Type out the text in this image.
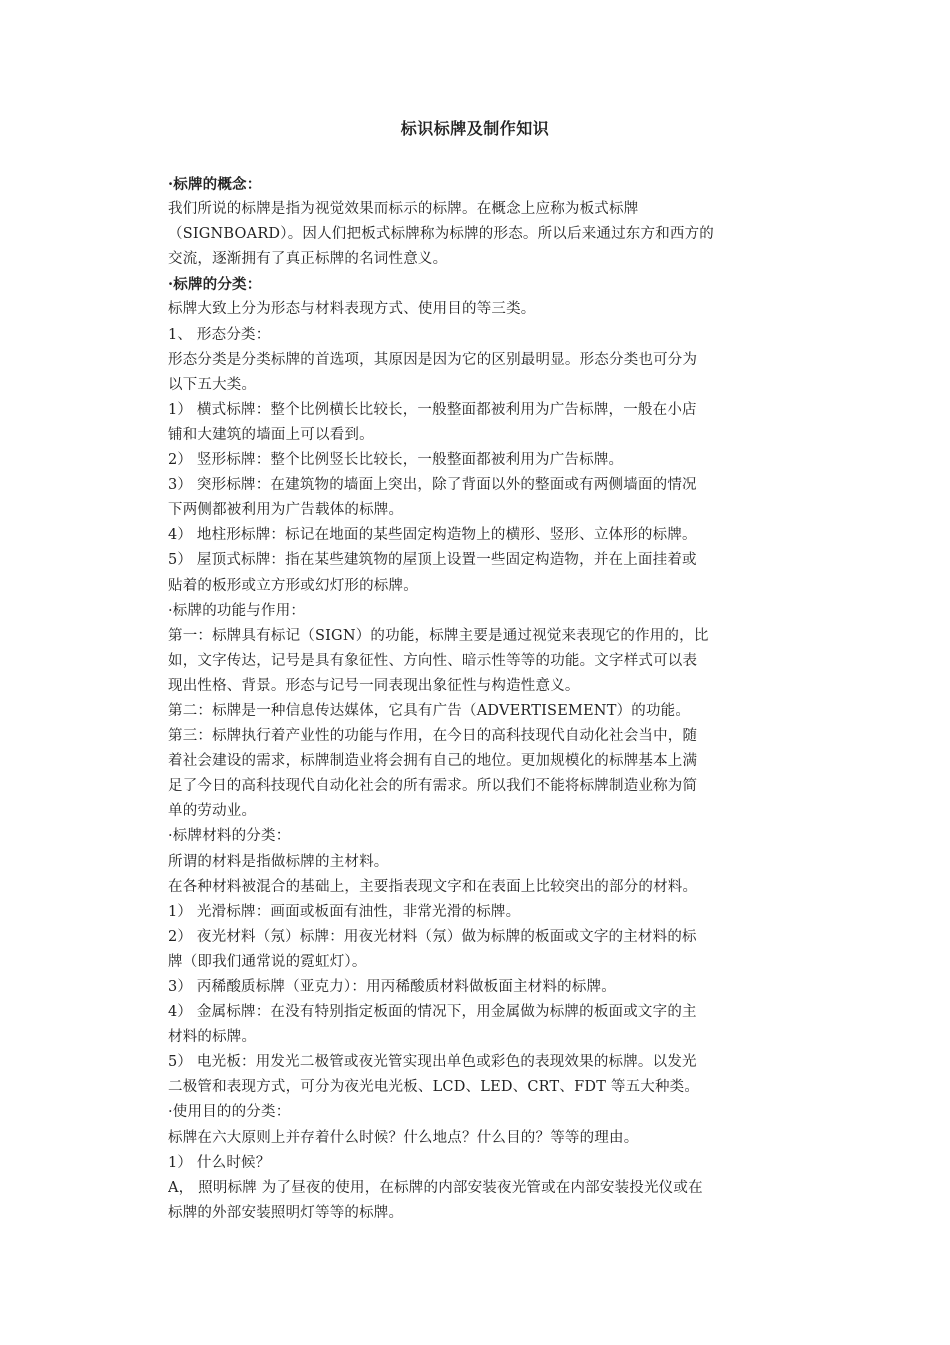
标识标牌及制作知识
·标牌的概念：
我们所说的标牌是指为视觉效果而标示的标牌。在概念上应称为板式标牌
（SIGNBOARD）。因人们把板式标牌称为标牌的形态。所以后来通过东方和西方的
交流，逐渐拥有了真正标牌的名词性意义。
·标牌的分类：
标牌大致上分为形态与材料表现方式、使用目的等三类。
1、 形态分类：
形态分类是分类标牌的首选项，其原因是因为它的区别最明显。形态分类也可分为
以下五大类。
1） 横式标牌：整个比例横长比较长，一般整面都被利用为广告标牌，一般在小店
铺和大建筑的墙面上可以看到。
2） 竖形标牌：整个比例竖长比较长，一般整面都被利用为广告标牌。
3） 突形标牌：在建筑物的墙面上突出，除了背面以外的整面或有两侧墙面的情况
下两侧都被利用为广告载体的标牌。
4） 地柱形标牌：标记在地面的某些固定构造物上的横形、竖形、立体形的标牌。
5） 屋顶式标牌：指在某些建筑物的屋顶上设置一些固定构造物，并在上面挂着或
贴着的板形或立方形或幻灯形的标牌。
·标牌的功能与作用：
第一：标牌具有标记（SIGN）的功能，标牌主要是通过视觉来表现它的作用的，比
如，文字传达，记号是具有象征性、方向性、暗示性等等的功能。文字样式可以表
现出性格、背景。形态与记号一同表现出象征性与构造性意义。
第二：标牌是一种信息传达媒体，它具有广告（ADVERTISEMENT）的功能。
第三：标牌执行着产业性的功能与作用，在今日的高科技现代自动化社会当中，随
着社会建设的需求，标牌制造业将会拥有自己的地位。更加规模化的标牌基本上满
足了今日的高科技现代自动化社会的所有需求。所以我们不能将标牌制造业称为简
单的劳动业。
·标牌材料的分类：
所谓的材料是指做标牌的主材料。
在各种材料被混合的基础上，主要指表现文字和在表面上比较突出的部分的材料。
1） 光滑标牌：画面或板面有油性，非常光滑的标牌。
2） 夜光材料（氖）标牌：用夜光材料（氖）做为标牌的板面或文字的主材料的标
牌（即我们通常说的霓虹灯）。
3） 丙稀酸质标牌（亚克力）：用丙稀酸质材料做板面主材料的标牌。
4） 金属标牌：在没有特别指定板面的情况下，用金属做为标牌的板面或文字的主
材料的标牌。
5） 电光板：用发光二极管或夜光管实现出单色或彩色的表现效果的标牌。以发光
二极管和表现方式，可分为夜光电光板、LCD、LED、CRT、FDT 等五大种类。
·使用目的的分类：
标牌在六大原则上并存着什么时候？什么地点？什么目的？等等的理由。
1） 什么时候？
A， 照明标牌 为了昼夜的使用，在标牌的内部安装夜光管或在内部安装投光仪或在
标牌的外部安装照明灯等等的标牌。
